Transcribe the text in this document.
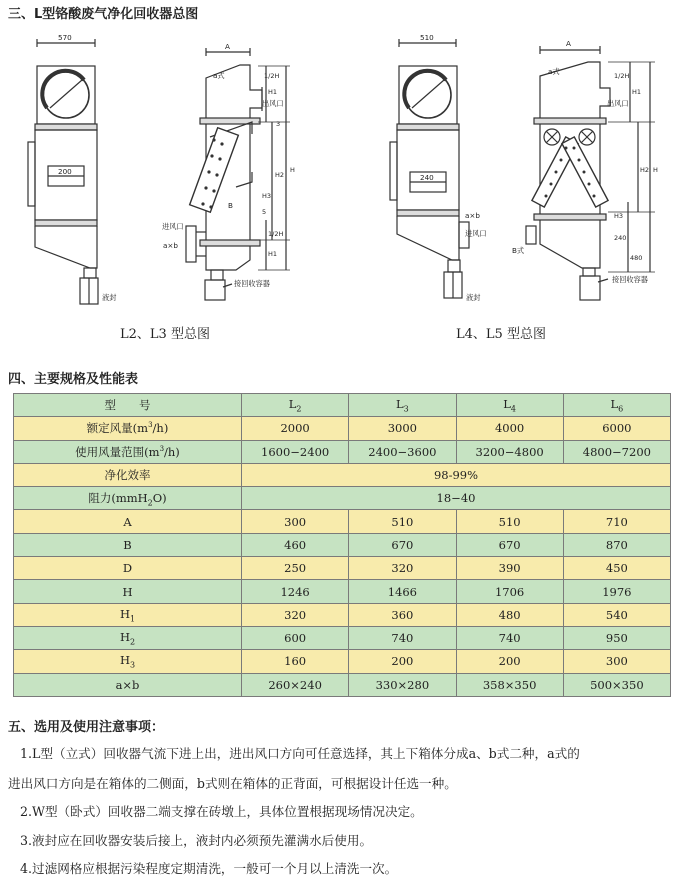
三、L型铬酸废气净化回收器总图
570
200
A
a式	1/2H
H1
出风口
3
H2
H
H3
5
1/2H
H1
B
进风口
a×b
液封
接回收容器
510
240
A
a式	1/2H
H1
出风口
H2 H
H3
240
480
a×b
进风口
B式
液封
接回收容器
L2、L3 型总图	L4、L5 型总图
四、主要规格及性能表
型　　号	$L_2$	$L_3$	$L_4$	$L_6$
额定风量$(m^3/h)$	2000	3000	4000	6000
使用风量范围$(m^3/h)$	1600−2400	2400−3600	3200−4800	4800−7200
净化效率	98-99%			
阻力(mmH$_2$O)	18−40			
A	300	510	510	710
B	460	670	670	870
D	250	320	390	450
H	1246	1466	1706	1976
$H_1$	320	360	480	540
$H_2$	600	740	740	950
$H_3$	160	200	200	300
a×b	260×240	330×280	358×350	500×350
五、选用及使用注意事项：
1.L型（立式）回收器气流下进上出，进出风口方向可任意选择，其上下箱体分成a、b式二种，a式的
进出风口方向是在箱体的二侧面，b式则在箱体的正背面，可根据设计任选一种。
2.W型（卧式）回收器二端支撑在砖墩上，具体位置根据现场情况决定。
3.液封应在回收器安装后接上，液封内必须预先灌满水后使用。
4.过滤网格应根据污染程度定期清洗，一般可一个月以上清洗一次。
